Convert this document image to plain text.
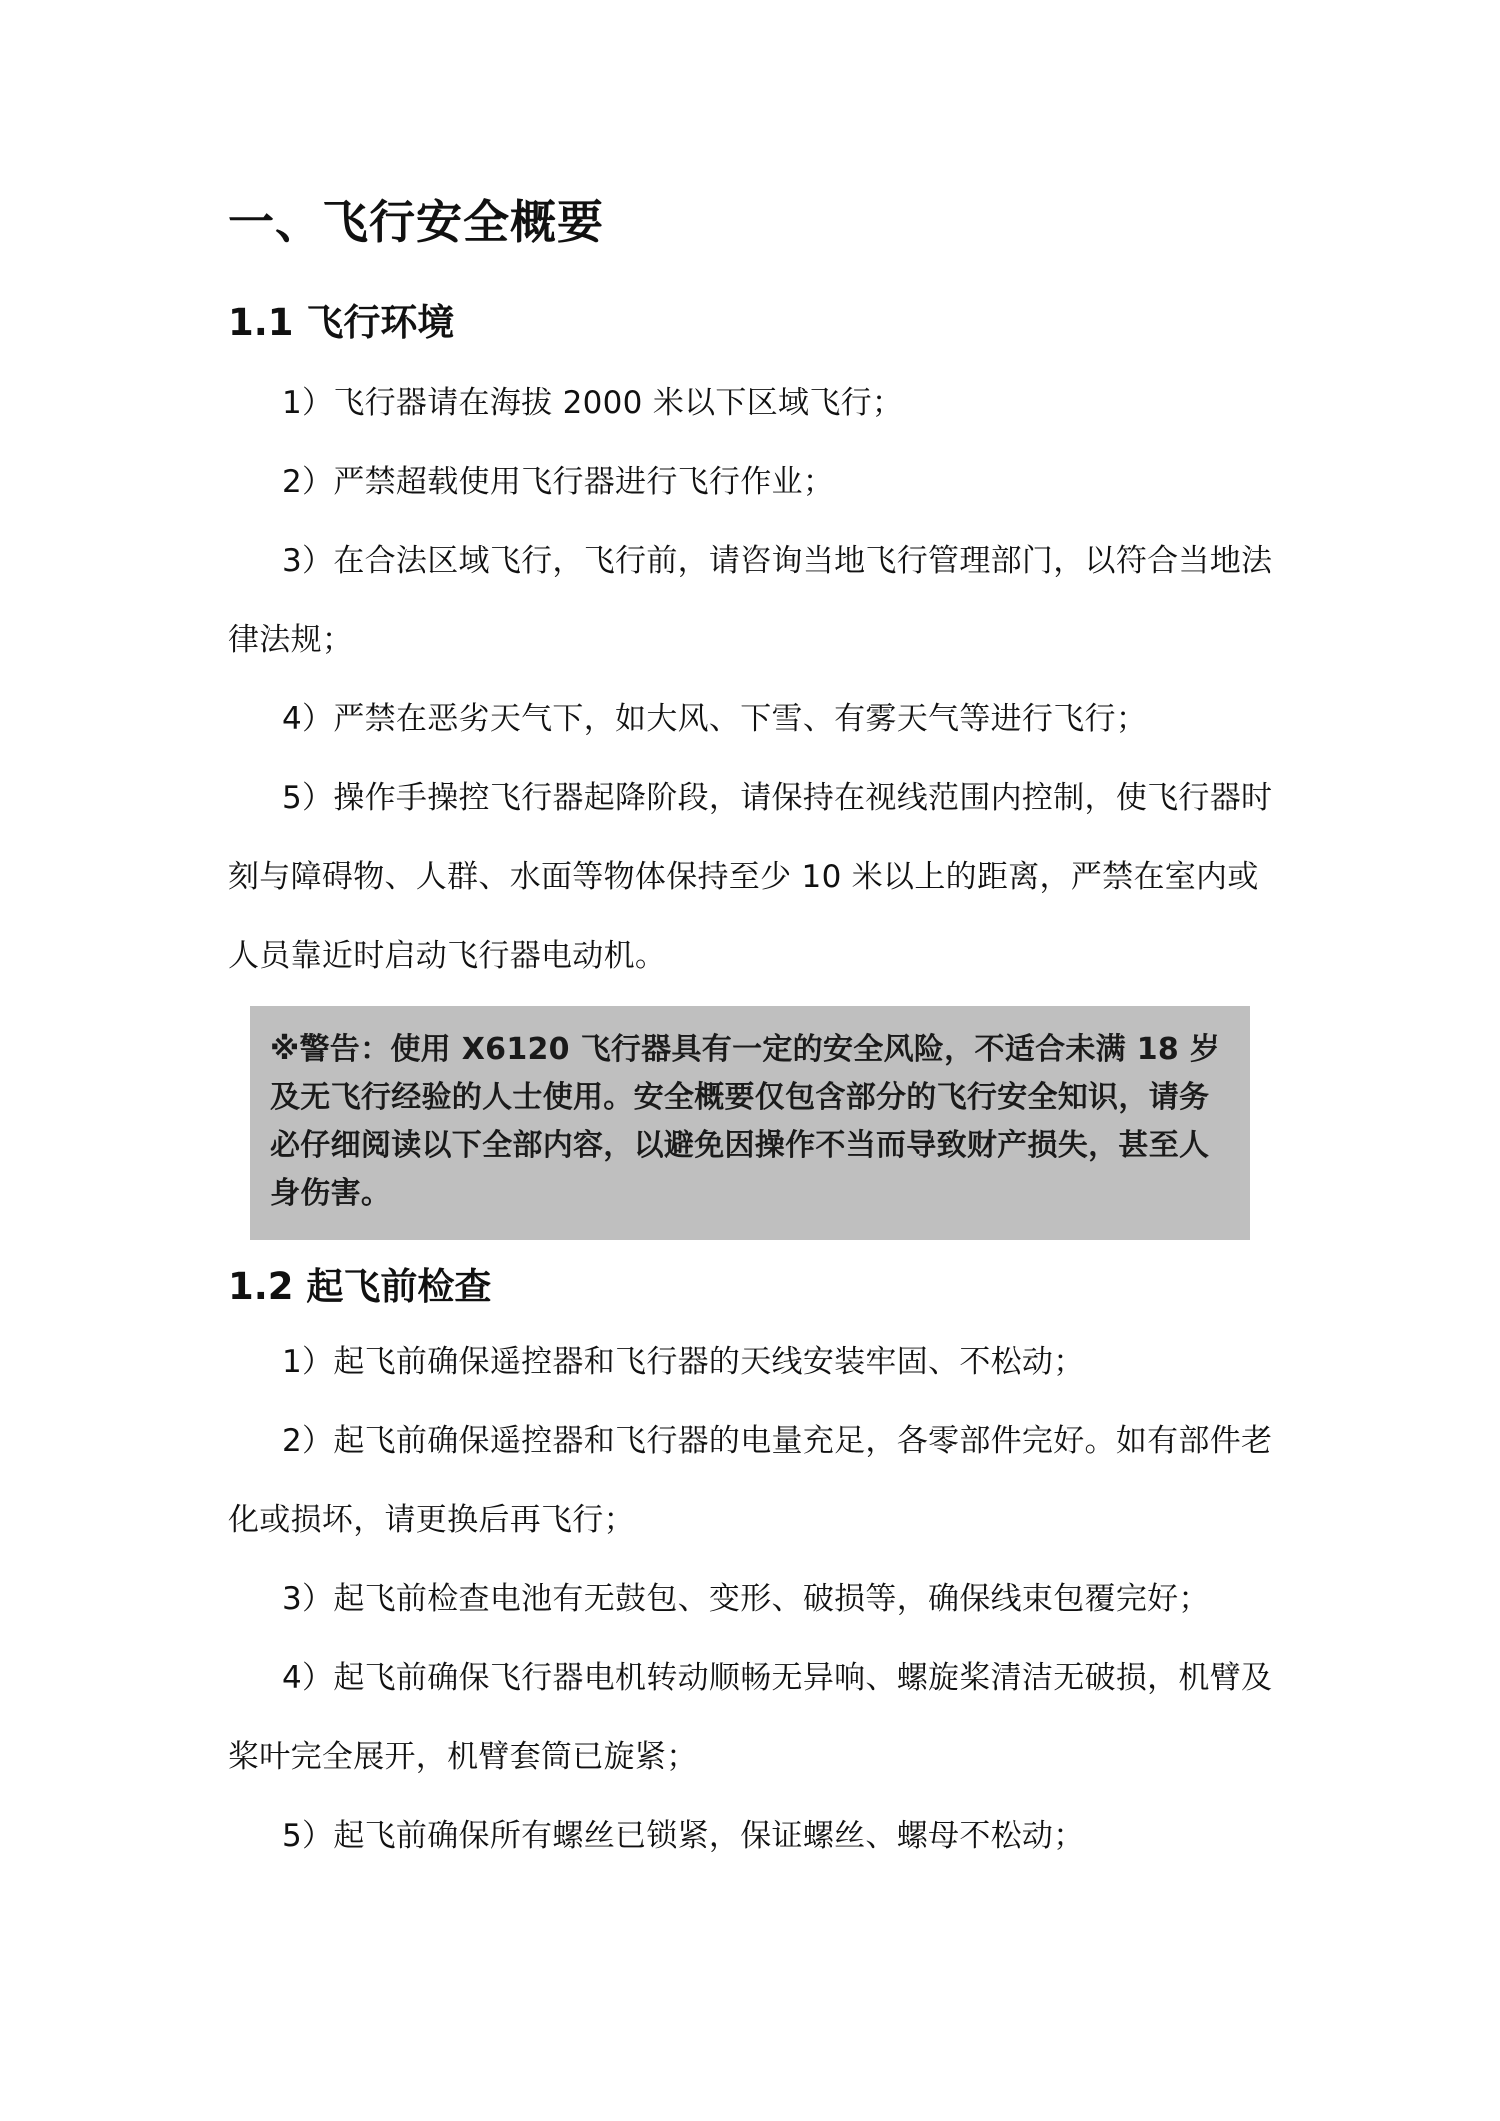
一、飞行安全概要
1.1 飞行环境
1）飞行器请在海拔 2000 米以下区域飞行；
2）严禁超载使用飞行器进行飞行作业；
3）在合法区域飞行，飞行前，请咨询当地飞行管理部门，以符合当地法律法规；
4）严禁在恶劣天气下，如大风、下雪、有雾天气等进行飞行；
5）操作手操控飞行器起降阶段，请保持在视线范围内控制，使飞行器时刻与障碍物、人群、水面等物体保持至少 10 米以上的距离，严禁在室内或人员靠近时启动飞行器电动机。
※警告：使用 X6120 飞行器具有一定的安全风险，不适合未满 18 岁及无飞行经验的人士使用。安全概要仅包含部分的飞行安全知识，请务必仔细阅读以下全部内容，以避免因操作不当而导致财产损失，甚至人身伤害。
1.2 起飞前检查
1）起飞前确保遥控器和飞行器的天线安装牢固、不松动；
2）起飞前确保遥控器和飞行器的电量充足，各零部件完好。如有部件老化或损坏，请更换后再飞行；
3）起飞前检查电池有无鼓包、变形、破损等，确保线束包覆完好；
4）起飞前确保飞行器电机转动顺畅无异响、螺旋桨清洁无破损，机臂及桨叶完全展开，机臂套筒已旋紧；
5）起飞前确保所有螺丝已锁紧，保证螺丝、螺母不松动；
